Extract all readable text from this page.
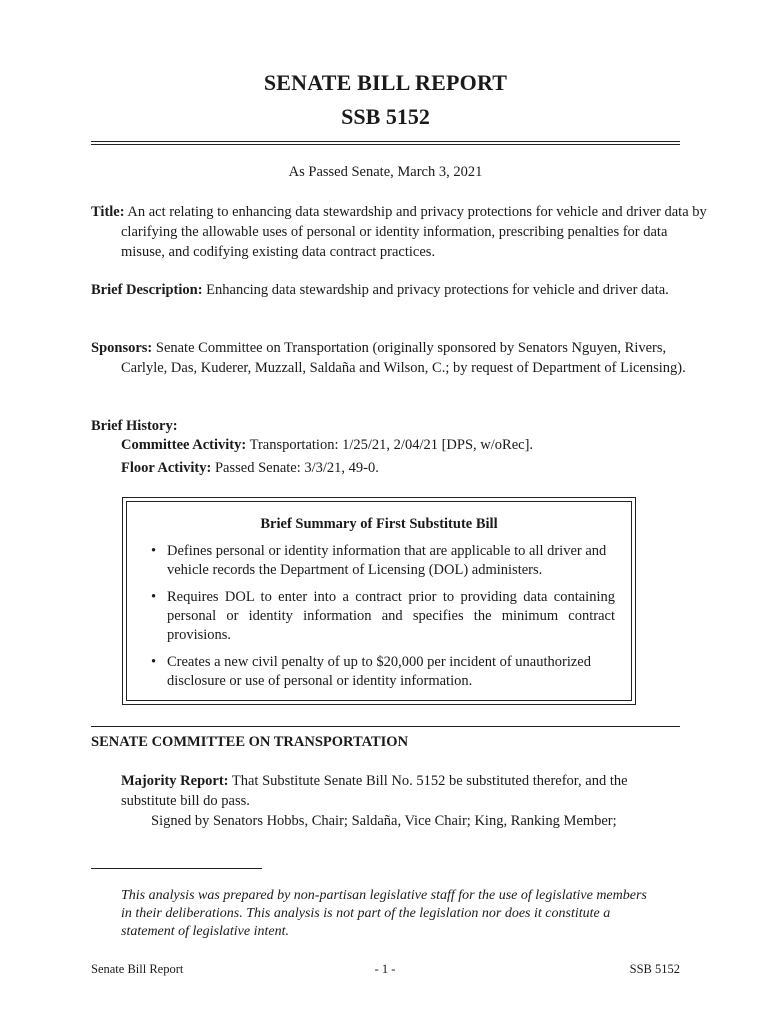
SENATE BILL REPORT
SSB 5152
As Passed Senate, March 3, 2021
Title: An act relating to enhancing data stewardship and privacy protections for vehicle and driver data by clarifying the allowable uses of personal or identity information, prescribing penalties for data misuse, and codifying existing data contract practices.
Brief Description: Enhancing data stewardship and privacy protections for vehicle and driver data.
Sponsors: Senate Committee on Transportation (originally sponsored by Senators Nguyen, Rivers, Carlyle, Das, Kuderer, Muzzall, Saldaña and Wilson, C.; by request of Department of Licensing).
Brief History:
Committee Activity: Transportation: 1/25/21, 2/04/21 [DPS, w/oRec].
Floor Activity: Passed Senate: 3/3/21, 49-0.
Brief Summary of First Substitute Bill
• Defines personal or identity information that are applicable to all driver and vehicle records the Department of Licensing (DOL) administers.
• Requires DOL to enter into a contract prior to providing data containing personal or identity information and specifies the minimum contract provisions.
• Creates a new civil penalty of up to $20,000 per incident of unauthorized disclosure or use of personal or identity information.
SENATE COMMITTEE ON TRANSPORTATION
Majority Report: That Substitute Senate Bill No. 5152 be substituted therefor, and the substitute bill do pass.
Signed by Senators Hobbs, Chair; Saldaña, Vice Chair; King, Ranking Member;
This analysis was prepared by non-partisan legislative staff for the use of legislative members in their deliberations. This analysis is not part of the legislation nor does it constitute a statement of legislative intent.
Senate Bill Report	- 1 -	SSB 5152
